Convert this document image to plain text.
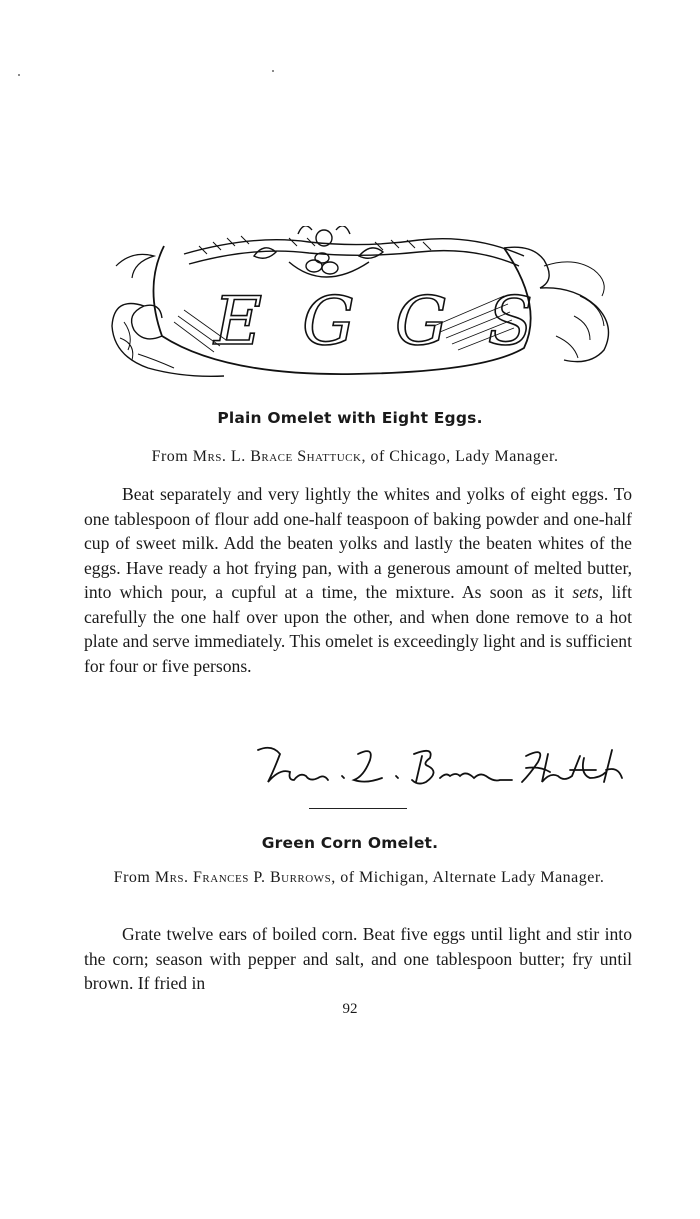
EGGS
Plain Omelet with Eight Eggs.
From Mrs. L. Brace Shattuck, of Chicago, Lady Manager.

Beat separately and very lightly the whites and yolks of eight eggs. To one tablespoon of flour add one-half teaspoon of baking powder and one-half cup of sweet milk. Add the beaten yolks and lastly the beaten whites of the eggs. Have ready a hot frying pan, with a generous amount of melted butter, into which pour, a cupful at a time, the mixture. As soon as it sets, lift carefully the one half over upon the other, and when done remove to a hot plate and serve immediately. This omelet is exceedingly light and is sufficient for four or five persons.

Green Corn Omelet.
From Mrs. Frances P. Burrows, of Michigan, Alternate Lady Manager.

Grate twelve ears of boiled corn. Beat five eggs until light and stir into the corn; season with pepper and salt, and one tablespoon butter; fry until brown. If fried in

92
